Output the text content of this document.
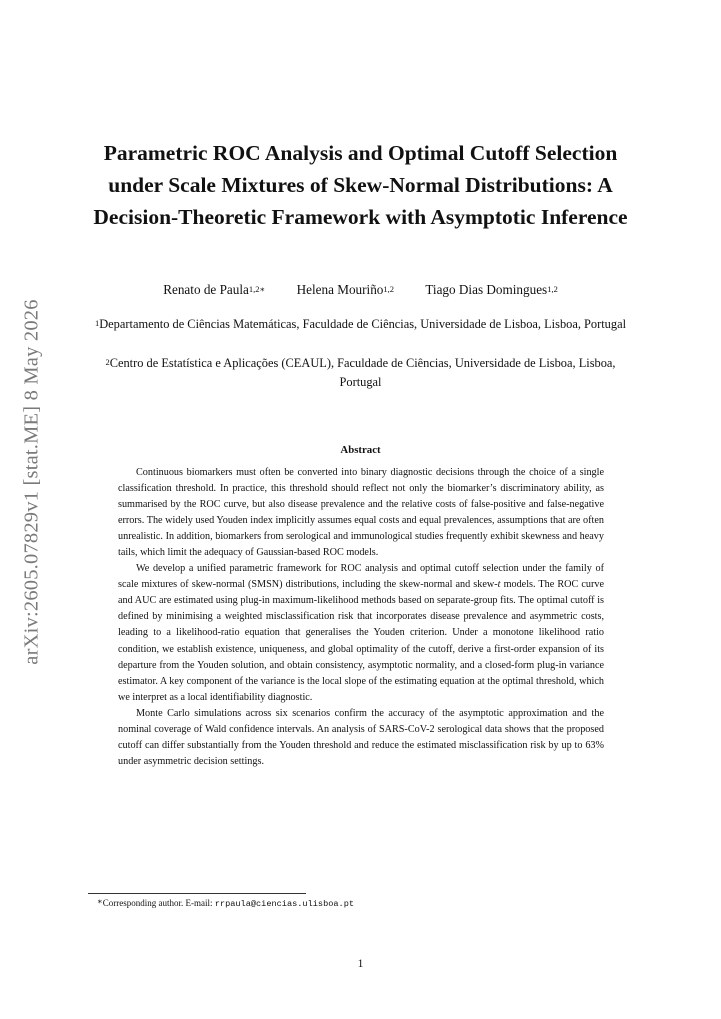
arXiv:2605.07829v1 [stat.ME] 8 May 2026
Parametric ROC Analysis and Optimal Cutoff Selection under Scale Mixtures of Skew-Normal Distributions: A Decision-Theoretic Framework with Asymptotic Inference
Renato de Paula$^{1,2∗}$ Helena Mouriño$^{1,2}$ Tiago Dias Domingues$^{1,2}$
$^1$Departamento de Ciências Matemáticas, Faculdade de Ciências, Universidade de Lisboa, Lisboa, Portugal
$^2$Centro de Estatística e Aplicações (CEAUL), Faculdade de Ciências, Universidade de Lisboa, Lisboa, Portugal
Abstract

Continuous biomarkers must often be converted into binary diagnostic decisions through the choice of a single classification threshold. In practice, this threshold should reflect not only the biomarker’s discriminatory ability, as summarised by the ROC curve, but also disease prevalence and the relative costs of false-positive and false-negative errors. The widely used Youden index implicitly assumes equal costs and equal prevalences, assumptions that are often unrealistic. In addition, biomarkers from serological and immunological studies frequently exhibit skewness and heavy tails, which limit the adequacy of Gaussian-based ROC models.

We develop a unified parametric framework for ROC analysis and optimal cutoff selection under the family of scale mixtures of skew-normal (SMSN) distributions, including the skew-normal and skew-t models. The ROC curve and AUC are estimated using plug-in maximum-likelihood methods based on separate-group fits. The optimal cutoff is defined by minimising a weighted misclassification risk that incorporates disease prevalence and asymmetric costs, leading to a likelihood-ratio equation that generalises the Youden criterion. Under a monotone likelihood ratio condition, we establish existence, uniqueness, and global optimality of the cutoff, derive a first-order expansion of its departure from the Youden solution, and obtain consistency, asymptotic normality, and a closed-form plug-in variance estimator. A key component of the variance is the local slope of the estimating equation at the optimal threshold, which we interpret as a local identifiability diagnostic.

Monte Carlo simulations across six scenarios confirm the accuracy of the asymptotic approximation and the nominal coverage of Wald confidence intervals. An analysis of SARS-CoV-2 serological data shows that the proposed cutoff can differ substantially from the Youden threshold and reduce the estimated misclassification risk by up to 63% under asymmetric decision settings.

∗Corresponding author. E-mail: rrpaula@ciencias.ulisboa.pt
1
